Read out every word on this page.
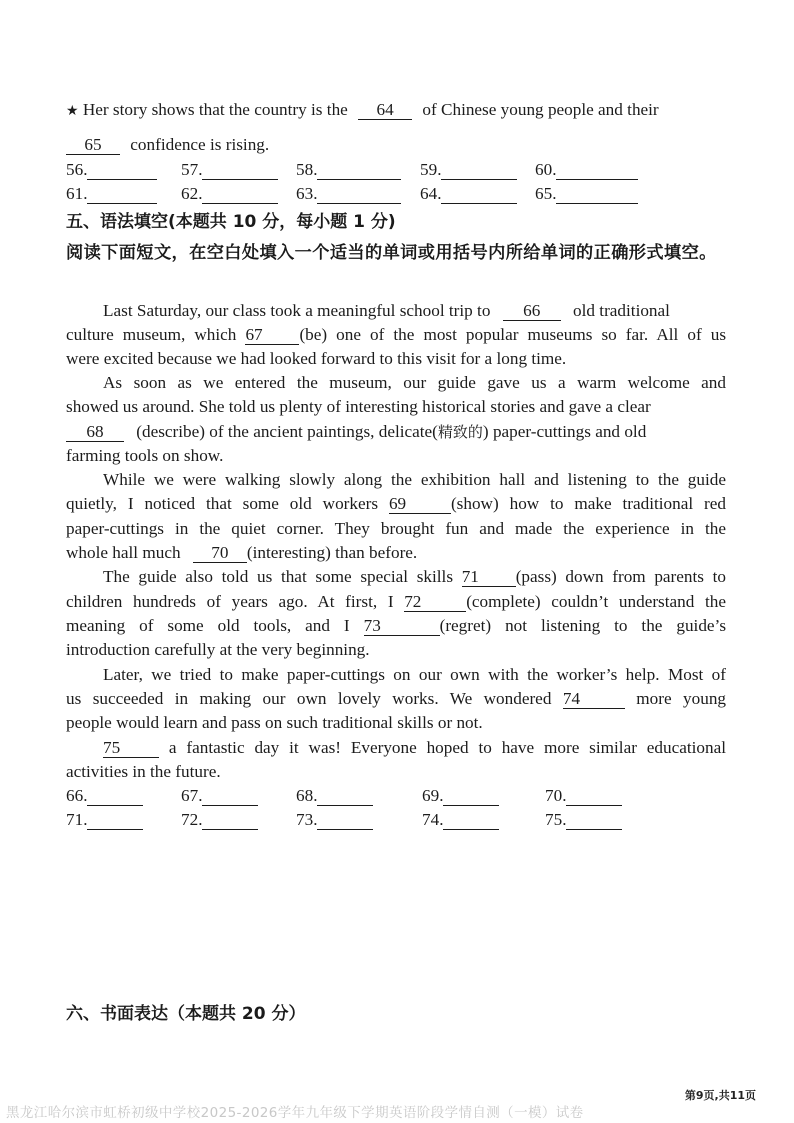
★ Her story shows that the country is the 64 of Chinese young people and their
65 confidence is rising.
56.	57.	58.	59.	60.
61.	62.	63.	64.	65.
五、语法填空(本题共 10 分，每小题 1 分)
阅读下面短文，在空白处填入一个适当的单词或用括号内所给单词的正确形式填空。
Last Saturday, our class took a meaningful school trip to 66 old traditional
culture museum, which 67 (be) one of the most popular museums so far. All of us
were excited because we had looked forward to this visit for a long time.
As soon as we entered the museum, our guide gave us a warm welcome and
showed us around. She told us plenty of interesting historical stories and gave a clear
68 (describe) of the ancient paintings, delicate(精致的) paper-cuttings and old
farming tools on show.
While we were walking slowly along the exhibition hall and listening to the guide
quietly, I noticed that some old workers 69	(show) how to make traditional red
paper-cuttings in the quiet corner. They brought fun and made the experience in the
whole hall much 70 (interesting) than before.
The guide also told us that some special skills 71 (pass) down from parents to
children hundreds of years ago. At first, I 72	(complete) couldn’t understand the
meaning of some old tools, and I 73	(regret) not listening to the guide’s
introduction carefully at the very beginning.
Later, we tried to make paper-cuttings on our own with the worker’s help. Most of
us succeeded in making our own lovely works. We wondered 74	more young
people would learn and pass on such traditional skills or not.
75	a fantastic day it was! Everyone hoped to have more similar educational
activities in the future.
66.	67.	68.	69.	70.
71.	72.	73.	74.	75.
六、书面表达（本题共 20 分）
第9页,共11页
黑龙江哈尔滨市虹桥初级中学校2025-2026学年九年级下学期英语阶段学情自测（一模）试卷
